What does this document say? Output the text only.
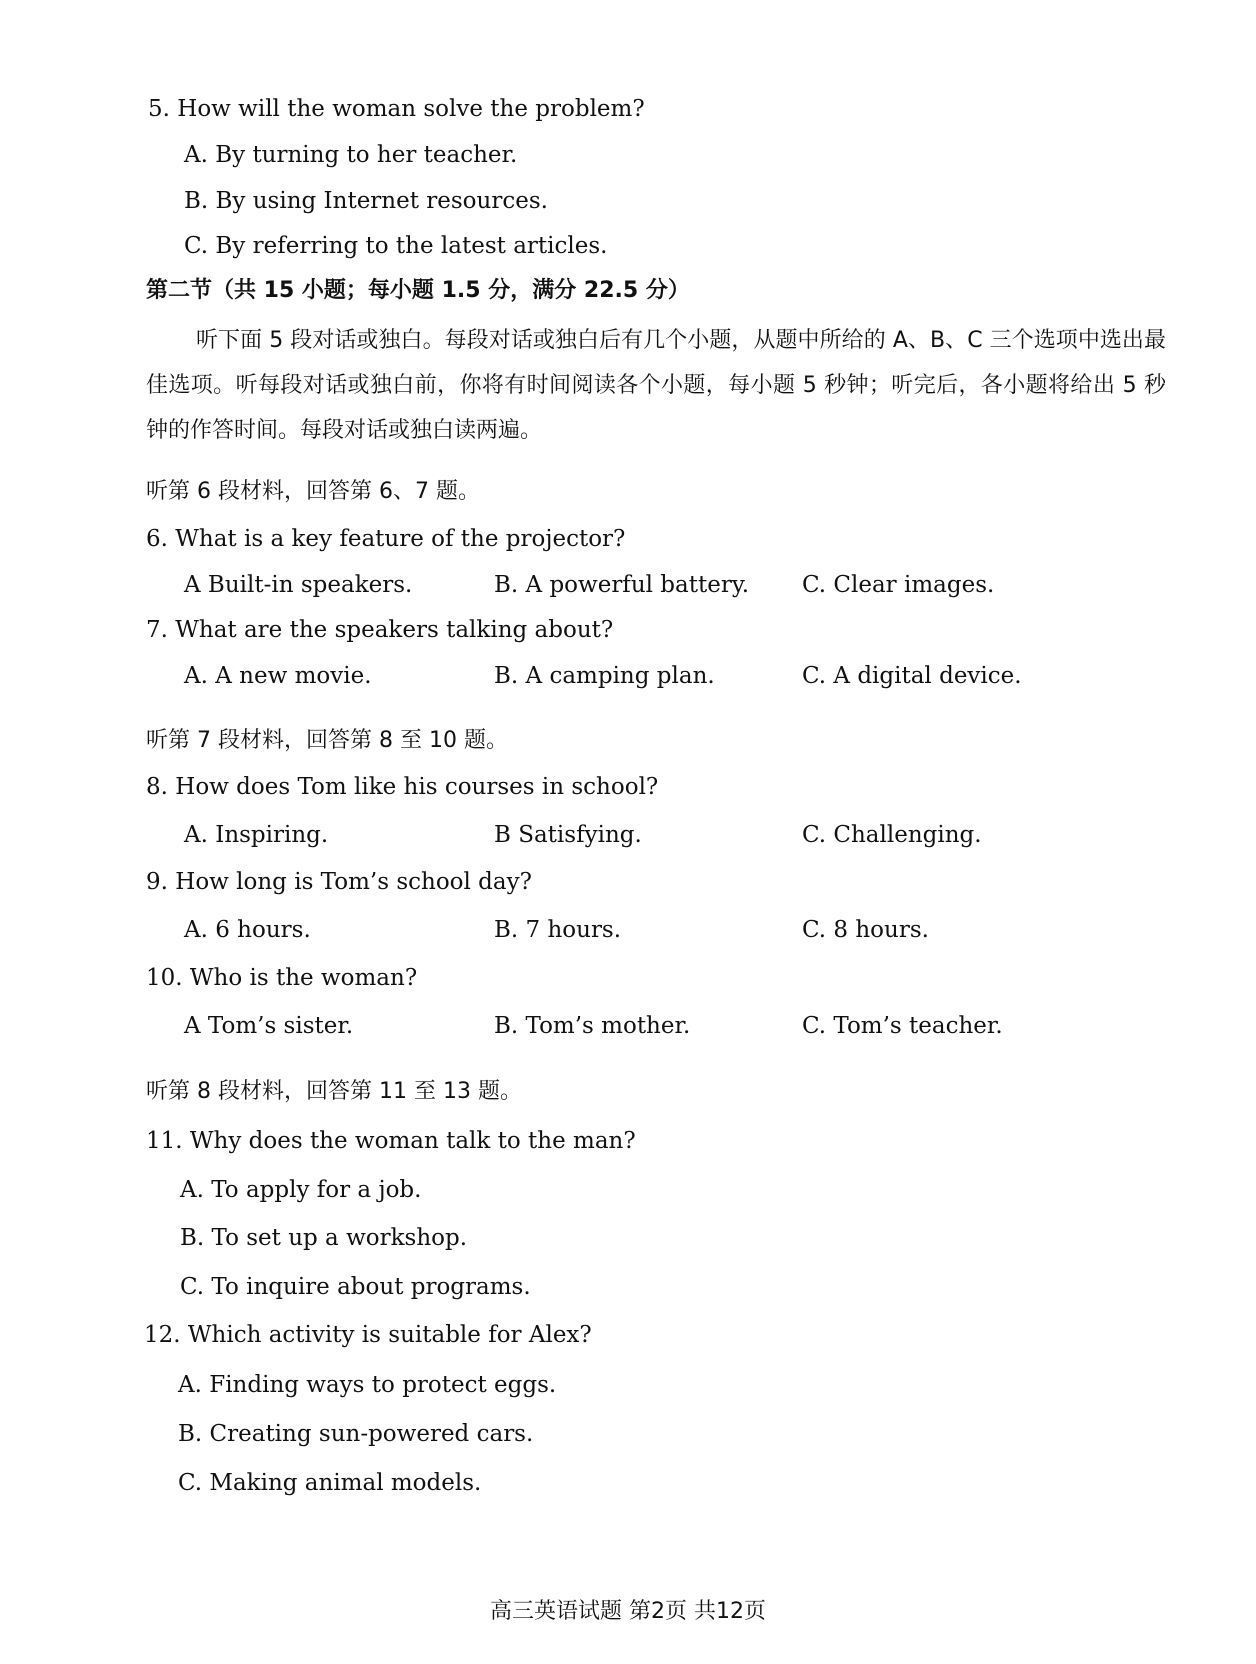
5. How will the woman solve the problem?
A. By turning to her teacher.
B. By using Internet resources.
C. By referring to the latest articles.
第二节（共 15 小题；每小题 1.5 分，满分 22.5 分）
听下面 5 段对话或独白。每段对话或独白后有几个小题，从题中所给的 A、B、C 三个选项中选出最佳选项。听每段对话或独白前，你将有时间阅读各个小题，每小题 5 秒钟；听完后，各小题将给出 5 秒钟的作答时间。每段对话或独白读两遍。
听第 6 段材料，回答第 6、7 题。
6. What is a key feature of the projector?
A Built-in speakers.	B. A powerful battery. C. Clear images.
7. What are the speakers talking about?
A. A new movie.	B. A camping plan.	C. A digital device.
听第 7 段材料，回答第 8 至 10 题。
8. How does Tom like his courses in school?
A. Inspiring.	B Satisfying.	C. Challenging.
9. How long is Tom’s school day?
A. 6 hours.	B. 7 hours.	C. 8 hours.
10. Who is the woman?
A Tom’s sister.	B. Tom’s mother.	C. Tom’s teacher.
听第 8 段材料，回答第 11 至 13 题。
11. Why does the woman talk to the man?
A. To apply for a job.
B. To set up a workshop.
C. To inquire about programs.
12. Which activity is suitable for Alex?
A. Finding ways to protect eggs.
B. Creating sun-powered cars.
C. Making animal models.
高三英语试题 第2页 共12页
